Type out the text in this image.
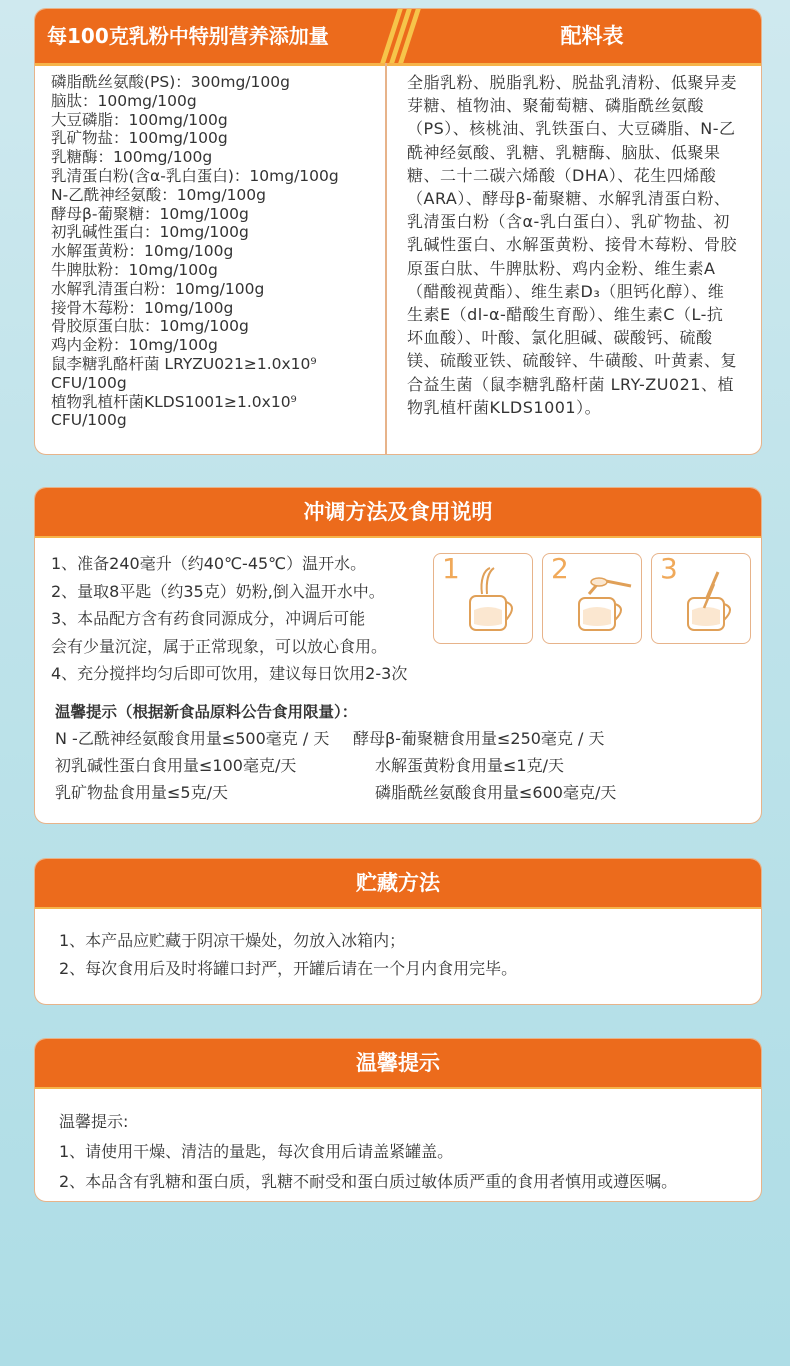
每100克乳粉中特别营养添加量	配料表
磷脂酰丝氨酸(PS)：300mg/100g
脑肽：100mg/100g
大豆磷脂：100mg/100g
乳矿物盐：100mg/100g
乳糖酶：100mg/100g
乳清蛋白粉(含α-乳白蛋白)：10mg/100g
N-乙酰神经氨酸：10mg/100g
酵母β-葡聚糖：10mg/100g
初乳碱性蛋白：10mg/100g
水解蛋黄粉：10mg/100g
牛脾肽粉：10mg/100g
水解乳清蛋白粉：10mg/100g
接骨木莓粉：10mg/100g
骨胶原蛋白肽：10mg/100g
鸡内金粉：10mg/100g
鼠李糖乳酪杆菌 LRYZU021≥1.0x10⁹
CFU/100g
植物乳植杆菌KLDS1001≥1.0x10⁹
CFU/100g
全脂乳粉、脱脂乳粉、脱盐乳清粉、低聚异麦芽糖、植物油、聚葡萄糖、磷脂酰丝氨酸（PS）、核桃油、乳铁蛋白、大豆磷脂、N-乙酰神经氨酸、乳糖、乳糖酶、脑肽、低聚果糖、二十二碳六烯酸（DHA）、花生四烯酸（ARA）、酵母β-葡聚糖、水解乳清蛋白粉、乳清蛋白粉（含α-乳白蛋白）、乳矿物盐、初乳碱性蛋白、水解蛋黄粉、接骨木莓粉、骨胶原蛋白肽、牛脾肽粉、鸡内金粉、维生素A（醋酸视黄酯）、维生素D₃（胆钙化醇）、维生素E（dl-α-醋酸生育酚）、维生素C（L-抗坏血酸）、叶酸、氯化胆碱、碳酸钙、硫酸镁、硫酸亚铁、硫酸锌、牛磺酸、叶黄素、复合益生菌（鼠李糖乳酪杆菌 LRY-ZU021、植物乳植杆菌KLDS1001）。
冲调方法及食用说明
1、准备240毫升（约40℃-45℃）温开水。
2、量取8平匙（约35克）奶粉,倒入温开水中。
3、本品配方含有药食同源成分，冲调后可能
会有少量沉淀，属于正常现象，可以放心食用。
4、充分搅拌均匀后即可饮用，建议每日饮用2-3次
1	2	3
温馨提示（根据新食品原料公告食用限量）：
N -乙酰神经氨酸食用量≤500毫克 / 天 酵母β-葡聚糖食用量≤250毫克 / 天
初乳碱性蛋白食用量≤100毫克/天	水解蛋黄粉食用量≤1克/天
乳矿物盐食用量≤5克/天	磷脂酰丝氨酸食用量≤600毫克/天
贮藏方法
1、本产品应贮藏于阴凉干燥处，勿放入冰箱内；
2、每次食用后及时将罐口封严，开罐后请在一个月内食用完毕。
温馨提示
温馨提示:
1、请使用干燥、清洁的量匙，每次食用后请盖紧罐盖。
2、本品含有乳糖和蛋白质，乳糖不耐受和蛋白质过敏体质严重的食用者慎用或遵医嘱。
